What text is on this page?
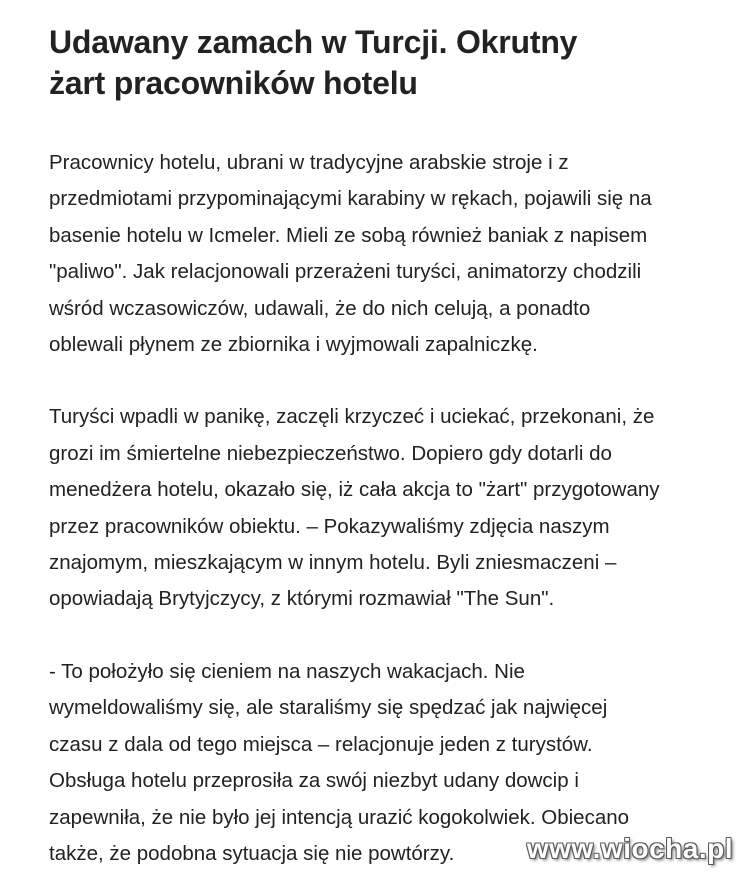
Udawany zamach w Turcji. Okrutny
żart pracowników hotelu

Pracownicy hotelu, ubrani w tradycyjne arabskie stroje i z
przedmiotami przypominającymi karabiny w rękach, pojawili się na
basenie hotelu w Icmeler. Mieli ze sobą również baniak z napisem
"paliwo". Jak relacjonowali przerażeni turyści, animatorzy chodzili
wśród wczasowiczów, udawali, że do nich celują, a ponadto
oblewali płynem ze zbiornika i wyjmowali zapalniczkę.

Turyści wpadli w panikę, zaczęli krzyczeć i uciekać, przekonani, że
grozi im śmiertelne niebezpieczeństwo. Dopiero gdy dotarli do
menedżera hotelu, okazało się, iż cała akcja to "żart" przygotowany
przez pracowników obiektu. – Pokazywaliśmy zdjęcia naszym
znajomym, mieszkającym w innym hotelu. Byli zniesmaczeni –
opowiadają Brytyjczycy, z którymi rozmawiał "The Sun".

- To położyło się cieniem na naszych wakacjach. Nie
wymeldowaliśmy się, ale staraliśmy się spędzać jak najwięcej
czasu z dala od tego miejsca – relacjonuje jeden z turystów.
Obsługa hotelu przeprosiła za swój niezbyt udany dowcip i
zapewniła, że nie było jej intencją urazić kogokolwiek. Obiecano
także, że podobna sytuacja się nie powtórzy.	www.wiocha.pl
